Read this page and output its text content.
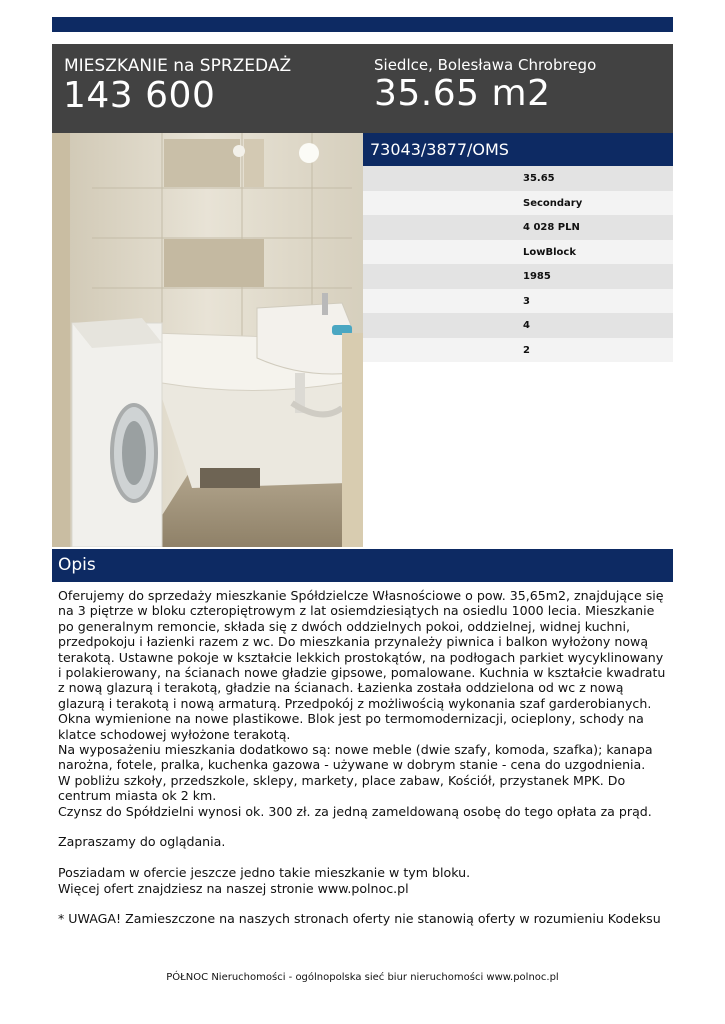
MIESZKANIE na SPRZEDAŻ
143 600
Siedlce, Bolesława Chrobrego
35.65 m2
73043/3877/OMS
35.65
Secondary
4 028 PLN
LowBlock
1985
3
4
2
Opis

Oferujemy do sprzedaży mieszkanie Spółdzielcze Własnościowe o pow. 35,65m2, znajdujące się na 3 piętrze w bloku czteropiętrowym z lat osiemdziesiątych na osiedlu 1000 lecia. Mieszkanie po generalnym remoncie, składa się z dwóch oddzielnych pokoi, oddzielnej, widnej kuchni, przedpokoju i łazienki razem z wc. Do mieszkania przynależy piwnica i balkon wyłożony nową terakotą. Ustawne pokoje w kształcie lekkich prostokątów, na podłogach parkiet wycyklinowany i polakierowany, na ścianach nowe gładzie gipsowe, pomalowane. Kuchnia w kształcie kwadratu z nową glazurą i terakotą, gładzie na ścianach. Łazienka została oddzielona od wc z nową glazurą i terakotą i nową armaturą. Przedpokój z możliwością wykonania szaf garderobianych. Okna wymienione na nowe plastikowe. Blok jest po termomodernizacji, ocieplony, schody na klatce schodowej wyłożone terakotą.

Na wyposażeniu mieszkania dodatkowo są: nowe meble (dwie szafy, komoda, szafka); kanapa narożna, fotele, pralka, kuchenka gazowa - używane w dobrym stanie - cena do uzgodnienia.

W pobliżu szkoły, przedszkole, sklepy, markety, place zabaw, Kościół, przystanek MPK. Do centrum miasta ok 2 km.

Czynsz do Spółdzielni wynosi ok. 300 zł. za jedną zameldowaną osobę do tego opłata za prąd.

Zapraszamy do oglądania.

Posziadam w ofercie jeszcze jedno takie mieszkanie w tym bloku.

Więcej ofert znajdziesz na naszej stronie www.polnoc.pl

* UWAGA! Zamieszczone na naszych stronach oferty nie stanowią oferty w rozumieniu Kodeksu

PÓŁNOC Nieruchomości - ogólnopolska sieć biur nieruchomości www.polnoc.pl
